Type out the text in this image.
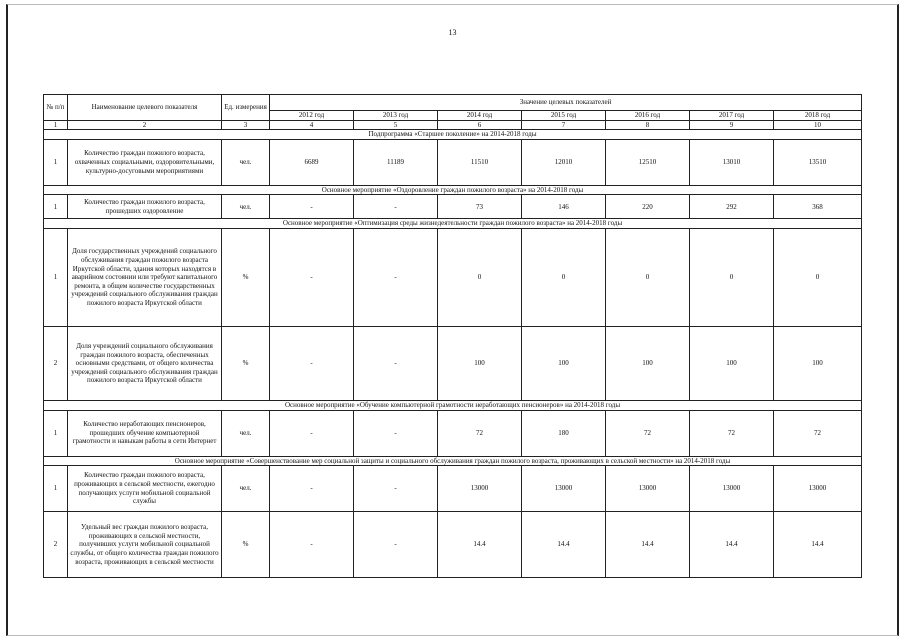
13
№ п/п	Наименование целевого показателя	Ед. измерения	Значение целевых показателей						
			2012 год	2013 год	2014 год	2015 год	2016 год	2017 год	2018 год
1	2	3	4	5	6	7	8	9	10
Подпрограмма «Старшее поколение» на 2014-2018 годы									
1	Количество граждан пожилого возраста, охваченных социальными, оздоровительными, культурно-досуговыми мероприятиями	чел.	6689	11189	11510	12010	12510	13010	13510
Основное мероприятие «Оздоровление граждан пожилого возраста» на 2014-2018 годы									
1	Количество граждан пожилого возраста, прошедших оздоровление	чел.	-	-	73	146	220	292	368
Основное мероприятие «Оптимизация среды жизнедеятельности граждан пожилого возраста» на 2014-2018 годы									
1	Доля государственных учреждений социального обслуживания граждан пожилого возраста Иркутской области, здания которых находятся в аварийном состоянии или требуют капитального ремонта, в общем количестве государственных учреждений социального обслуживания граждан пожилого возраста Иркутской области	%	-	-	0	0	0	0	0
2	Доля учреждений социального обслуживания граждан пожилого возраста, обеспеченных основными средствами, от общего количества учреждений социального обслуживания граждан пожилого возраста Иркутской области	%	-	-	100	100	100	100	100
Основное мероприятие «Обучение компьютерной грамотности неработающих пенсионеров» на 2014-2018 годы									
1	Количество неработающих пенсионеров, прошедших обучение компьютерной грамотности и навыкам работы в сети Интернет	чел.	-	-	72	180	72	72	72
Основное мероприятие «Совершенствование мер социальной защиты и социального обслуживания граждан пожилого возраста, проживающих в сельской местности» на 2014-2018 годы									
1	Количество граждан пожилого возраста, проживающих в сельской местности, ежегодно получающих услуги мобильной социальной службы	чел.	-	-	13000	13000	13000	13000	13000
2	Удельный вес граждан пожилого возраста, проживающих в сельской местности, получивших услуги мобильной социальной службы, от общего количества граждан пожилого возраста, проживающих в сельской местности	%	-	-	14.4	14.4	14.4	14.4	14.4
